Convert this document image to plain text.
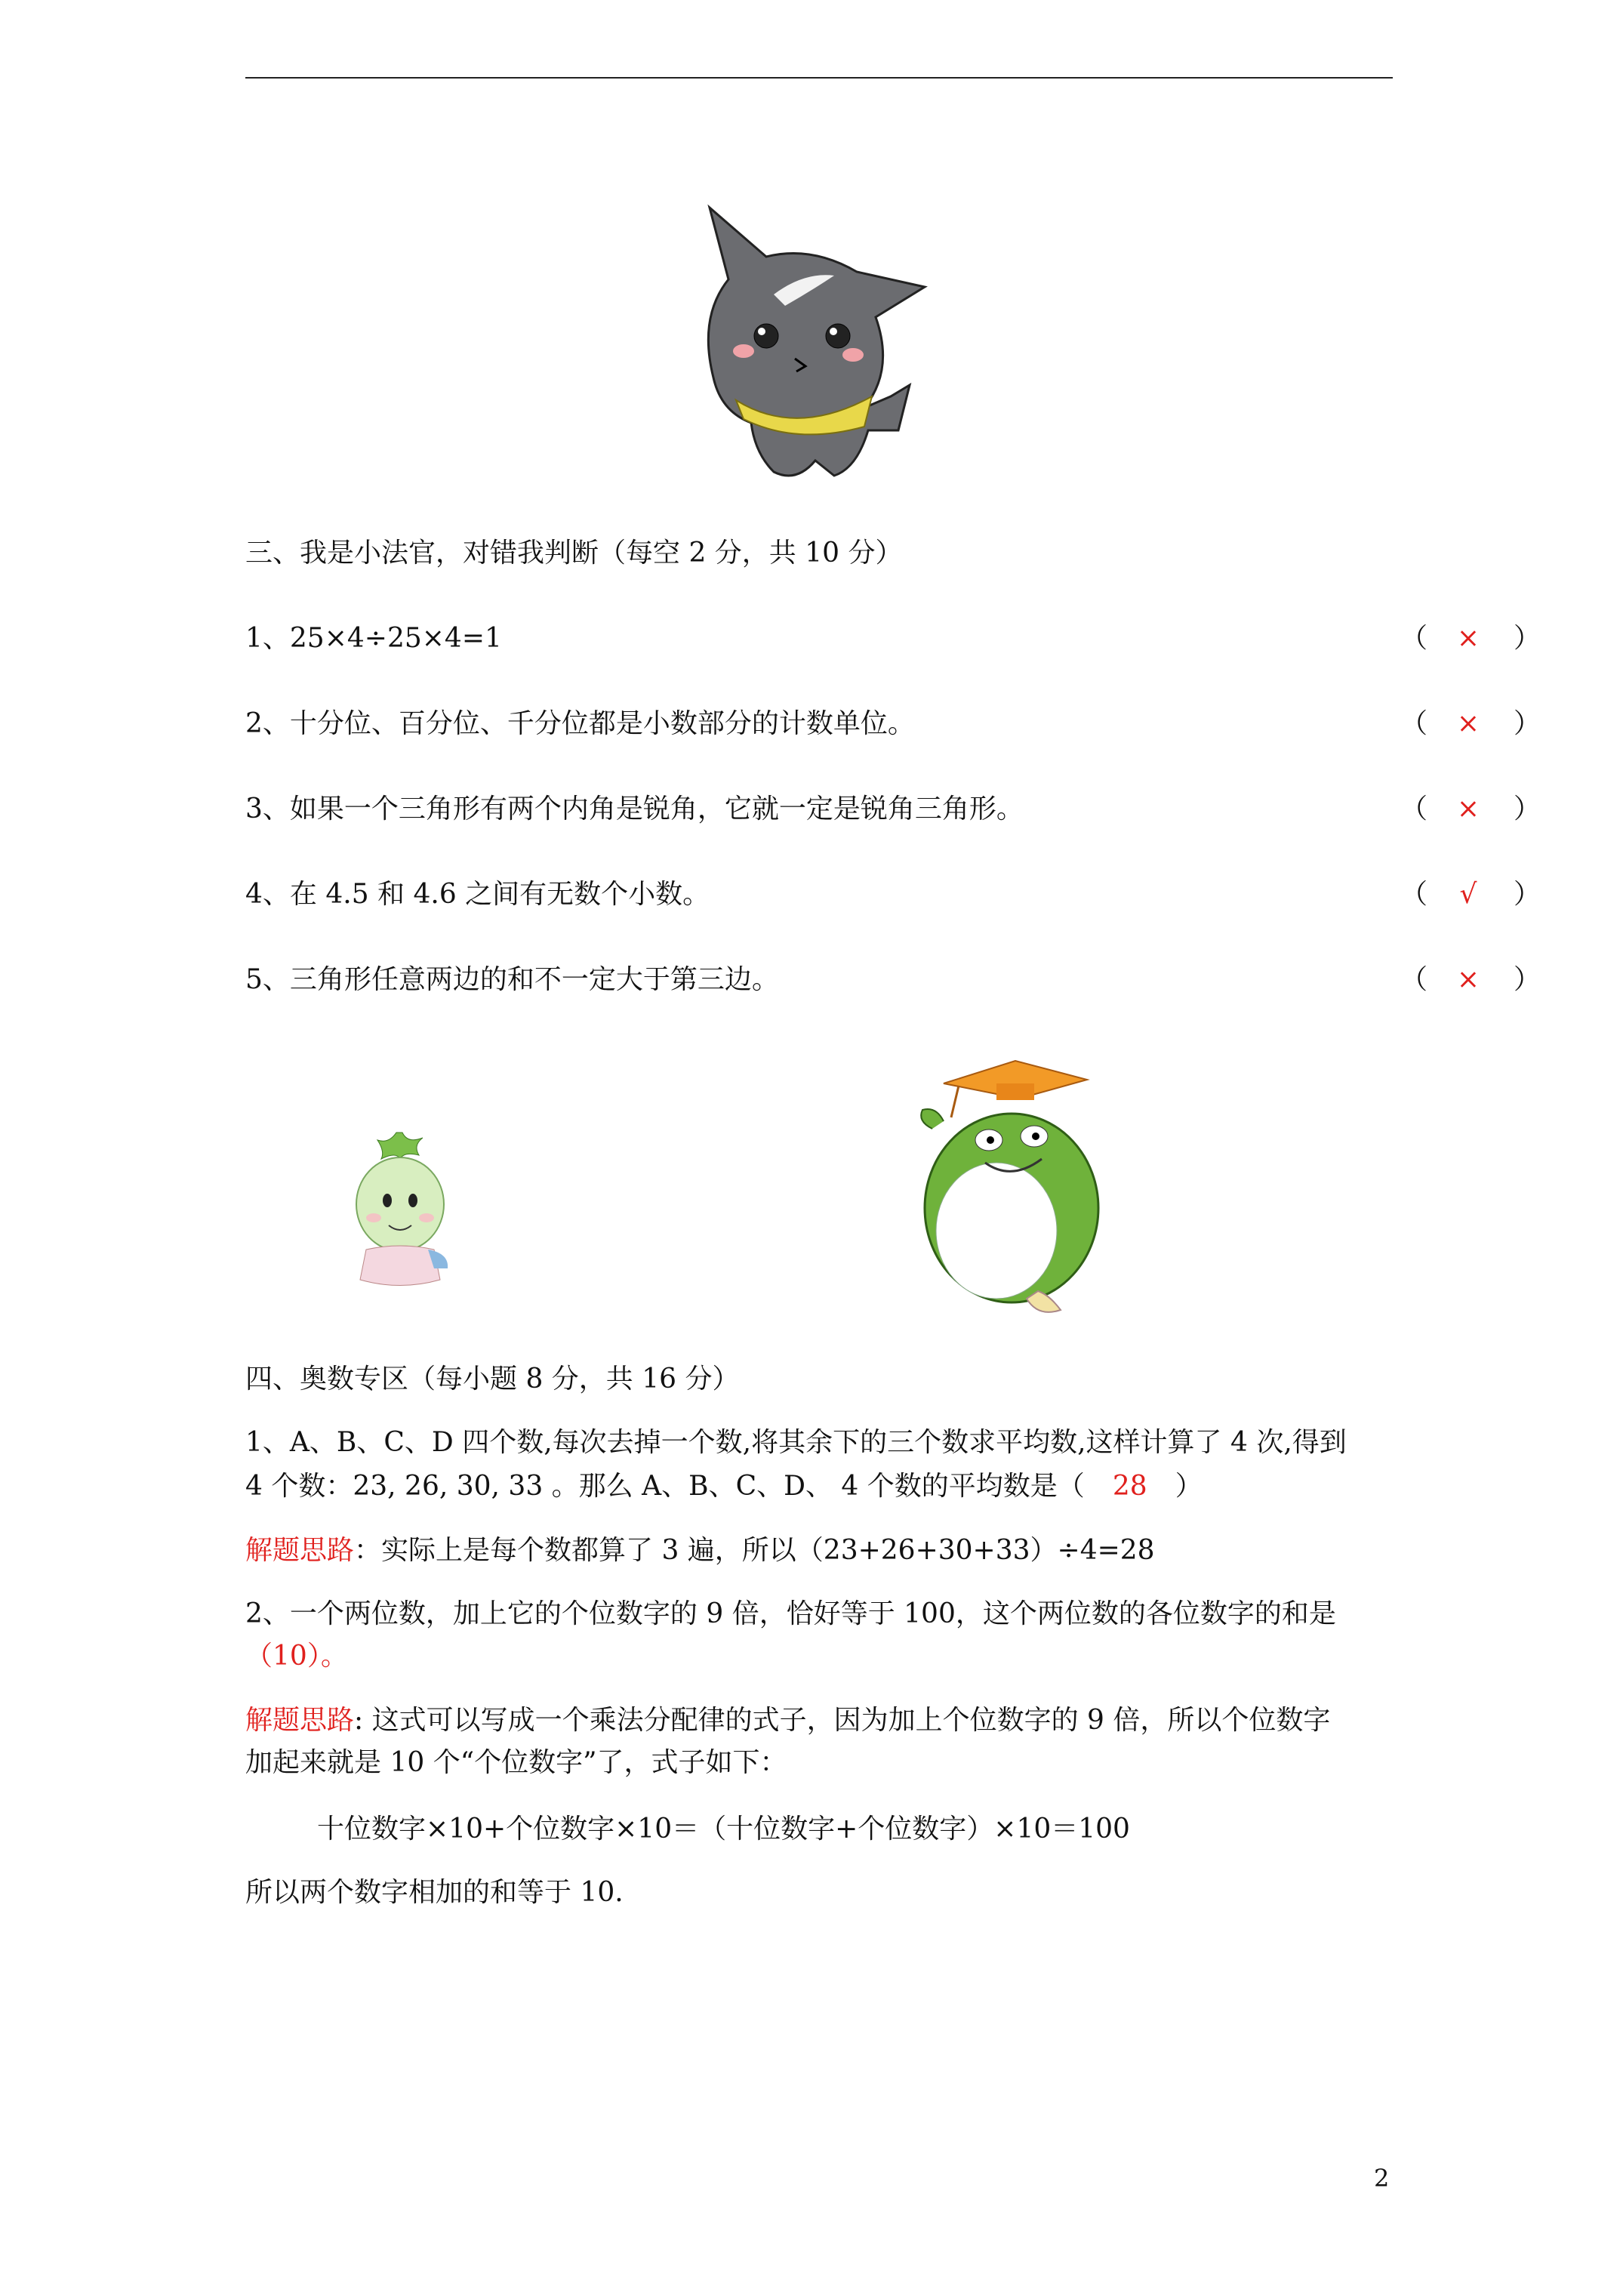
三、我是小法官，对错我判断（每空 2 分，共 10 分）
1、25×4÷25×4=1	（	×	）
2、十分位、百分位、千分位都是小数部分的计数单位。	（	×	）
3、如果一个三角形有两个内角是锐角，它就一定是锐角三角形。	（	×	）
4、在 4.5 和 4.6 之间有无数个小数。	（	√	）
5、三角形任意两边的和不一定大于第三边。	（	×	）
四、奥数专区（每小题 8 分，共 16 分）
1、A、B、C、D 四个数,每次去掉一个数,将其余下的三个数求平均数,这样计算了 4 次,得到
4 个数：23, 26, 30, 33 。那么 A、B、C、D、 4 个数的平均数是（ 28 ）
解题思路：实际上是每个数都算了 3 遍，所以（23+26+30+33）÷4=28
2、一个两位数，加上它的个位数字的 9 倍，恰好等于 100，这个两位数的各位数字的和是
（10）。
解题思路: 这式可以写成一个乘法分配律的式子，因为加上个位数字的 9 倍，所以个位数字
加起来就是 10 个“个位数字”了，式子如下：
十位数字×10+个位数字×10＝（十位数字+个位数字）×10＝100
所以两个数字相加的和等于 10.
2
